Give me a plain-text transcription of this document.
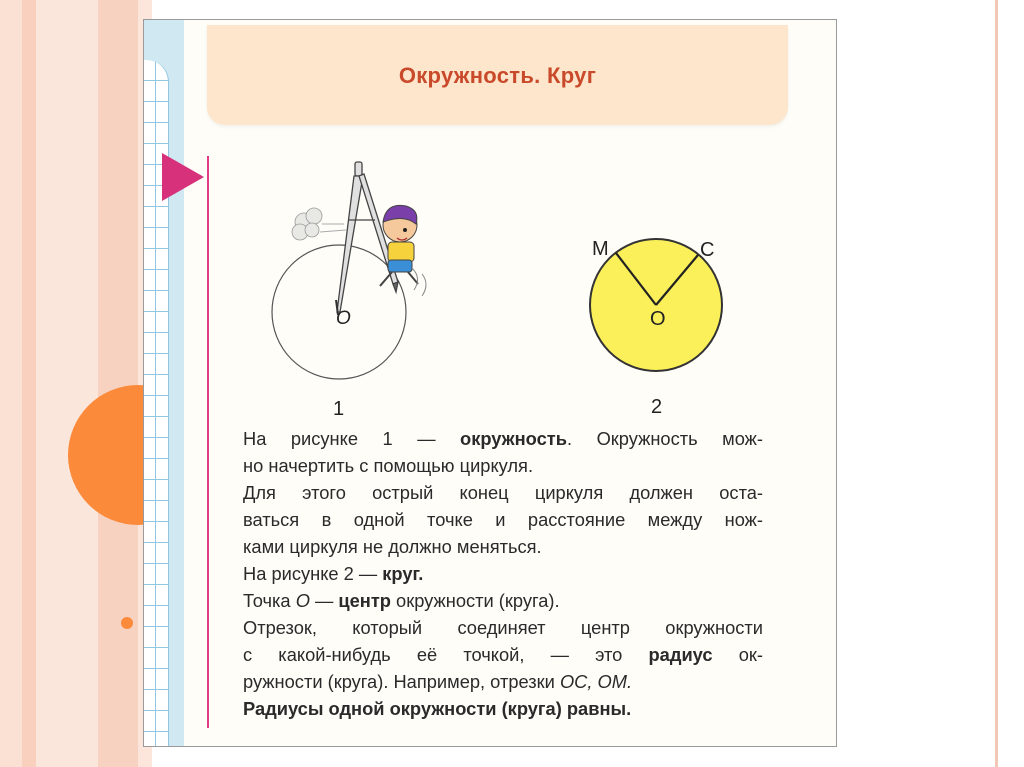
Окружность. Круг
O
1
M	C
O
2
На рисунке 1 — окружность. Окружность мож-
но начертить с помощью циркуля.
Для этого острый конец циркуля должен оста-
ваться в одной точке и расстояние между нож-
ками циркуля не должно меняться.
На рисунке 2 — круг.
Точка O — центр окружности (круга).
Отрезок, который соединяет центр окружности
с какой-нибудь её точкой, — это радиус ок-
ружности (круга). Например, отрезки OC, OM.
Радиусы одной окружности (круга) равны.
